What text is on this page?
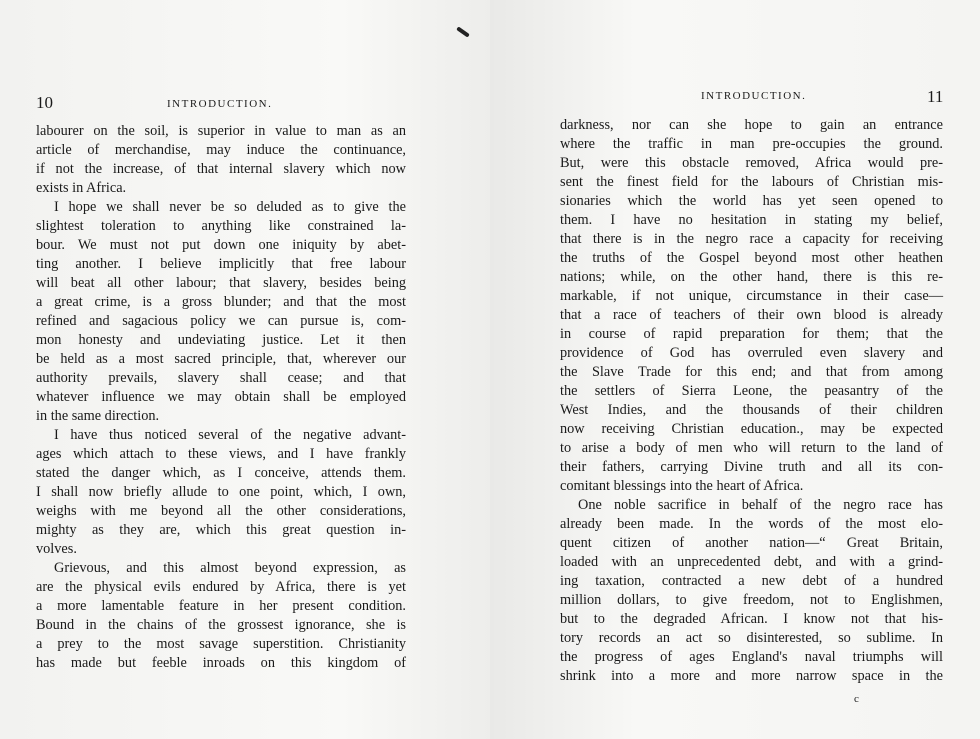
10	INTRODUCTION.
labourer on the soil, is superior in value to man as an
article of merchandise, may induce the continuance,
if not the increase, of that internal slavery which now
exists in Africa.
I hope we shall never be so deluded as to give the
slightest toleration to anything like constrained la-
bour. We must not put down one iniquity by abet-
ting another. I believe implicitly that free labour
will beat all other labour; that slavery, besides being
a great crime, is a gross blunder; and that the most
refined and sagacious policy we can pursue is, com-
mon honesty and undeviating justice. Let it then
be held as a most sacred principle, that, wherever our
authority prevails, slavery shall cease; and that
whatever influence we may obtain shall be employed
in the same direction.
I have thus noticed several of the negative advant-
ages which attach to these views, and I have frankly
stated the danger which, as I conceive, attends them.
I shall now briefly allude to one point, which, I own,
weighs with me beyond all the other considerations,
mighty as they are, which this great question in-
volves.
Grievous, and this almost beyond expression, as
are the physical evils endured by Africa, there is yet
a more lamentable feature in her present condition.
Bound in the chains of the grossest ignorance, she is
a prey to the most savage superstition. Christianity
has made but feeble inroads on this kingdom of
INTRODUCTION.	11
darkness, nor can she hope to gain an entrance
where the traffic in man pre-occupies the ground.
But, were this obstacle removed, Africa would pre-
sent the finest field for the labours of Christian mis-
sionaries which the world has yet seen opened to
them. I have no hesitation in stating my belief,
that there is in the negro race a capacity for receiving
the truths of the Gospel beyond most other heathen
nations; while, on the other hand, there is this re-
markable, if not unique, circumstance in their case—
that a race of teachers of their own blood is already
in course of rapid preparation for them; that the
providence of God has overruled even slavery and
the Slave Trade for this end; and that from among
the settlers of Sierra Leone, the peasantry of the
West Indies, and the thousands of their children
now receiving Christian education., may be expected
to arise a body of men who will return to the land of
their fathers, carrying Divine truth and all its con-
comitant blessings into the heart of Africa.
One noble sacrifice in behalf of the negro race has
already been made. In the words of the most elo-
quent citizen of another nation—“ Great Britain,
loaded with an unprecedented debt, and with a grind-
ing taxation, contracted a new debt of a hundred
million dollars, to give freedom, not to Englishmen,
but to the degraded African. I know not that his-
tory records an act so disinterested, so sublime. In
the progress of ages England's naval triumphs will
shrink into a more and more narrow space in the
c
